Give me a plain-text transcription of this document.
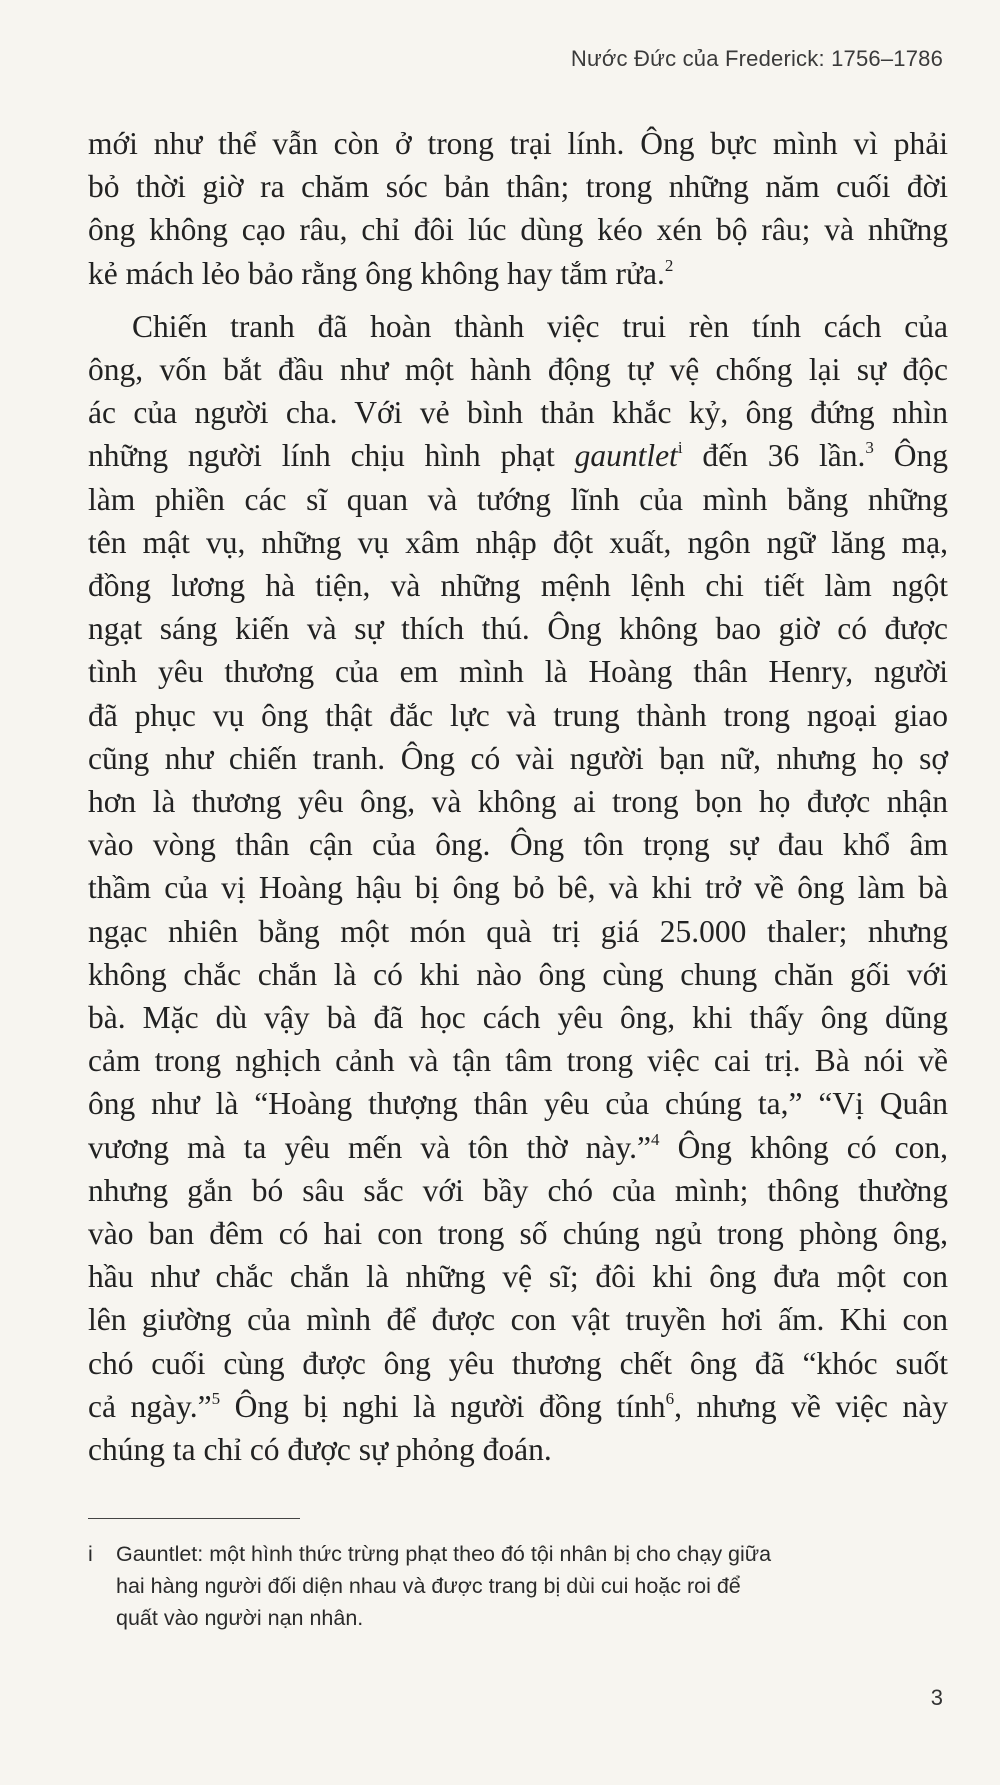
Nước Đức của Frederick: 1756–1786

mới như thể vẫn còn ở trong trại lính. Ông bực mình vì phải
bỏ thời giờ ra chăm sóc bản thân; trong những năm cuối đời
ông không cạo râu, chỉ đôi lúc dùng kéo xén bộ râu; và những
kẻ mách lẻo bảo rằng ông không hay tắm rửa.$^2$

Chiến tranh đã hoàn thành việc trui rèn tính cách của
ông, vốn bắt đầu như một hành động tự vệ chống lại sự độc
ác của người cha. Với vẻ bình thản khắc kỷ, ông đứng nhìn
những người lính chịu hình phạt gauntlet$^i$ đến 36 lần.$^3$ Ông
làm phiền các sĩ quan và tướng lĩnh của mình bằng những
tên mật vụ, những vụ xâm nhập đột xuất, ngôn ngữ lăng mạ,
đồng lương hà tiện, và những mệnh lệnh chi tiết làm ngột
ngạt sáng kiến và sự thích thú. Ông không bao giờ có được
tình yêu thương của em mình là Hoàng thân Henry, người
đã phục vụ ông thật đắc lực và trung thành trong ngoại giao
cũng như chiến tranh. Ông có vài người bạn nữ, nhưng họ sợ
hơn là thương yêu ông, và không ai trong bọn họ được nhận
vào vòng thân cận của ông. Ông tôn trọng sự đau khổ âm
thầm của vị Hoàng hậu bị ông bỏ bê, và khi trở về ông làm bà
ngạc nhiên bằng một món quà trị giá 25.000 thaler; nhưng
không chắc chắn là có khi nào ông cùng chung chăn gối với
bà. Mặc dù vậy bà đã học cách yêu ông, khi thấy ông dũng
cảm trong nghịch cảnh và tận tâm trong việc cai trị. Bà nói về
ông như là “Hoàng thượng thân yêu của chúng ta,” “Vị Quân
vương mà ta yêu mến và tôn thờ này.”$^4$ Ông không có con,
nhưng gắn bó sâu sắc với bầy chó của mình; thông thường
vào ban đêm có hai con trong số chúng ngủ trong phòng ông,
hầu như chắc chắn là những vệ sĩ; đôi khi ông đưa một con
lên giường của mình để được con vật truyền hơi ấm. Khi con
chó cuối cùng được ông yêu thương chết ông đã “khóc suốt
cả ngày.”$^5$ Ông bị nghi là người đồng tính$^6$, nhưng về việc này
chúng ta chỉ có được sự phỏng đoán.

i Gauntlet: một hình thức trừng phạt theo đó tội nhân bị cho chạy giữa
hai hàng người đối diện nhau và được trang bị dùi cui hoặc roi để
quất vào người nạn nhân.
3
